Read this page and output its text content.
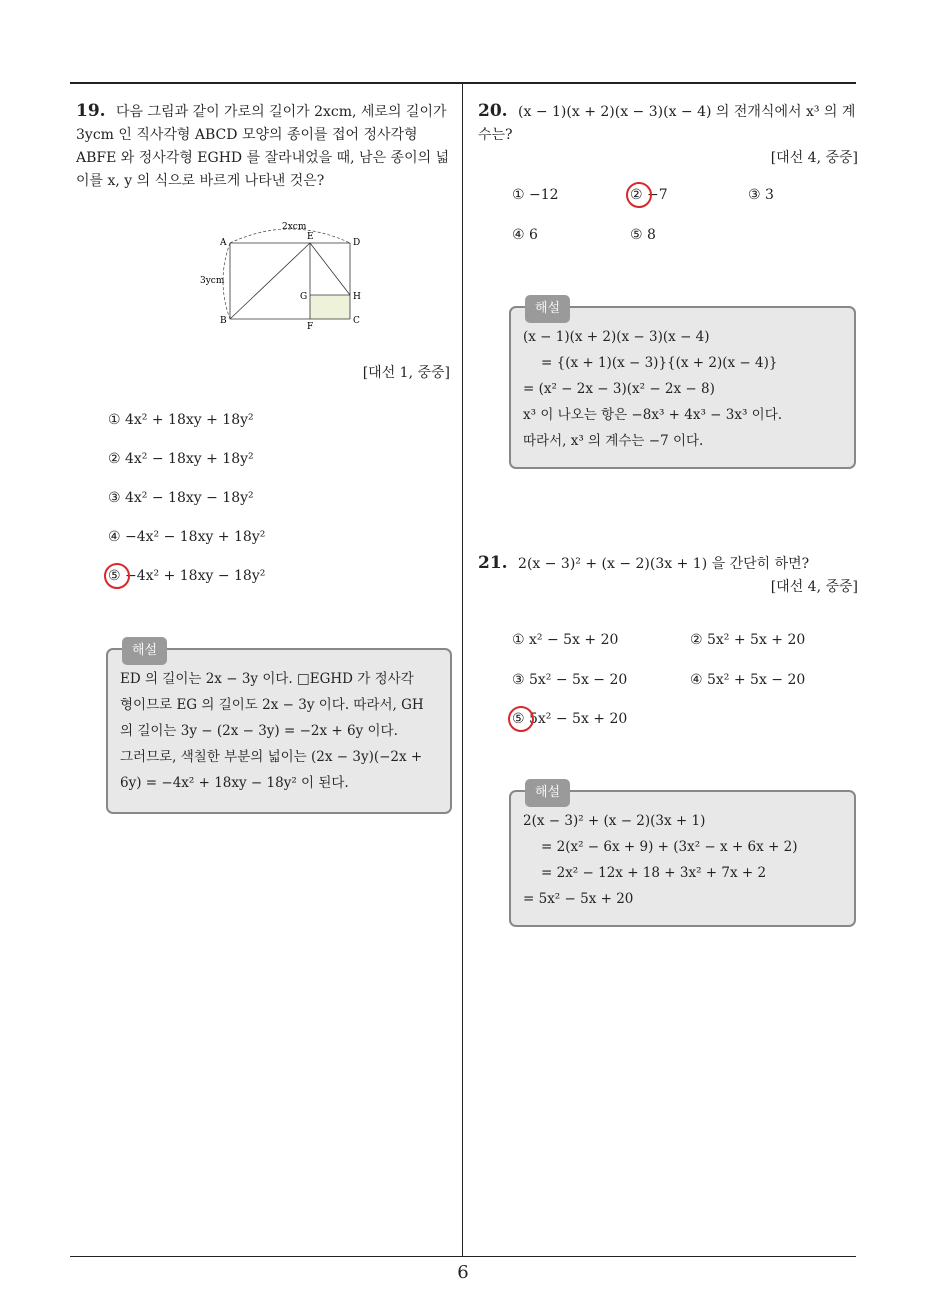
19. 다음 그림과 같이 가로의 길이가 2xcm, 세로의 길이가 3ycm 인 직사각형 ABCD 모양의 종이를 접어 정사각형 ABFE 와 정사각형 EGHD 를 잘라내었을 때, 남은 종이의 넓이를 x, y 의 식으로 바르게 나타낸 것은?
2xcm
3ycm
A
E
D
G	H
B
F
C
[대선 1, 중중]
① 4x² + 18xy + 18y²
② 4x² − 18xy + 18y²
③ 4x² − 18xy − 18y²
④ −4x² − 18xy + 18y²
⑤ −4x² + 18xy − 18y²
해설
ED 의 길이는 2x − 3y 이다. □EGHD 가 정사각
형이므로 EG 의 길이도 2x − 3y 이다. 따라서, GH
의 길이는 3y − (2x − 3y) = −2x + 6y 이다.
그러므로, 색칠한 부분의 넓이는 (2x − 3y)(−2x +
6y) = −4x² + 18xy − 18y² 이 된다.
20. (x − 1)(x + 2)(x − 3)(x − 4) 의 전개식에서 x³ 의 계수는?
[대선 4, 중중]
① −12	② −7	③ 3
④ 6	⑤ 8
해설
(x − 1)(x + 2)(x − 3)(x − 4)
= {(x + 1)(x − 3)}{(x + 2)(x − 4)}
= (x² − 2x − 3)(x² − 2x − 8)
x³ 이 나오는 항은 −8x³ + 4x³ − 3x³ 이다.
따라서, x³ 의 계수는 −7 이다.
21. 2(x − 3)² + (x − 2)(3x + 1) 을 간단히 하면?
[대선 4, 중중]
① x² − 5x + 20	② 5x² + 5x + 20
③ 5x² − 5x − 20	④ 5x² + 5x − 20
⑤ 5x² − 5x + 20
해설
2(x − 3)² + (x − 2)(3x + 1)
= 2(x² − 6x + 9) + (3x² − x + 6x + 2)
= 2x² − 12x + 18 + 3x² + 7x + 2
= 5x² − 5x + 20
6
